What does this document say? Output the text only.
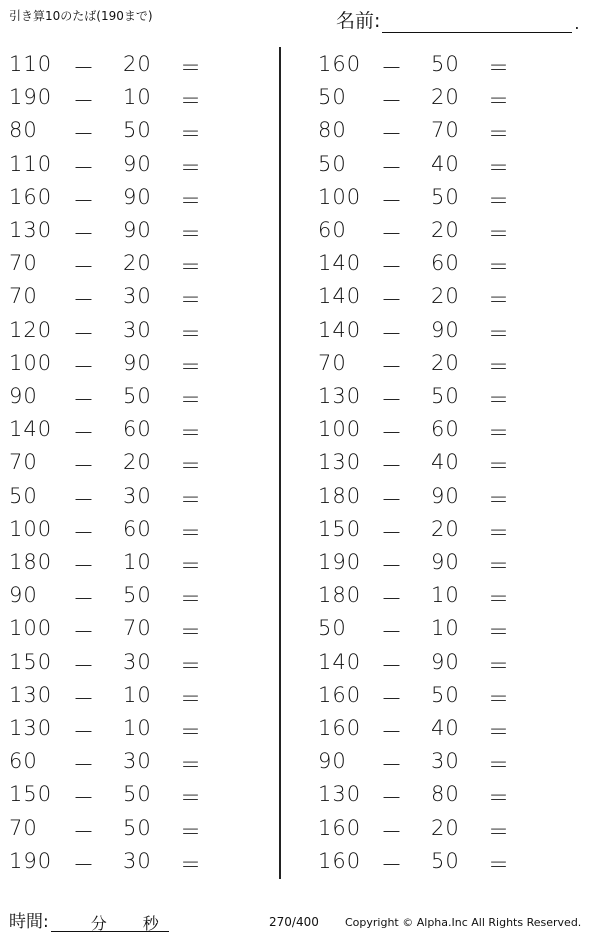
引き算10のたば(190まで)	名前:	.
110 － 20 ＝
190 － 10 ＝
80 － 50 ＝
110 － 90 ＝
160 － 90 ＝
130 － 90 ＝
70 － 20 ＝
70 － 30 ＝
120 － 30 ＝
100 － 90 ＝
90 － 50 ＝
140 － 60 ＝
70 － 20 ＝
50 － 30 ＝
100 － 60 ＝
180 － 10 ＝
90 － 50 ＝
100 － 70 ＝
150 － 30 ＝
130 － 10 ＝
130 － 10 ＝
60 － 30 ＝
150 － 50 ＝
70 － 50 ＝
190 － 30 ＝
160 － 50 ＝
50 － 20 ＝
80 － 70 ＝
50 － 40 ＝
100 － 50 ＝
60 － 20 ＝
140 － 60 ＝
140 － 20 ＝
140 － 90 ＝
70 － 20 ＝
130 － 50 ＝
100 － 60 ＝
130 － 40 ＝
180 － 90 ＝
150 － 20 ＝
190 － 90 ＝
180 － 10 ＝
50 － 10 ＝
140 － 90 ＝
160 － 50 ＝
160 － 40 ＝
90 － 30 ＝
130 － 80 ＝
160 － 20 ＝
160 － 50 ＝
時間:	分 秒	270/400 Copyright © Alpha.Inc All Rights Reserved.
